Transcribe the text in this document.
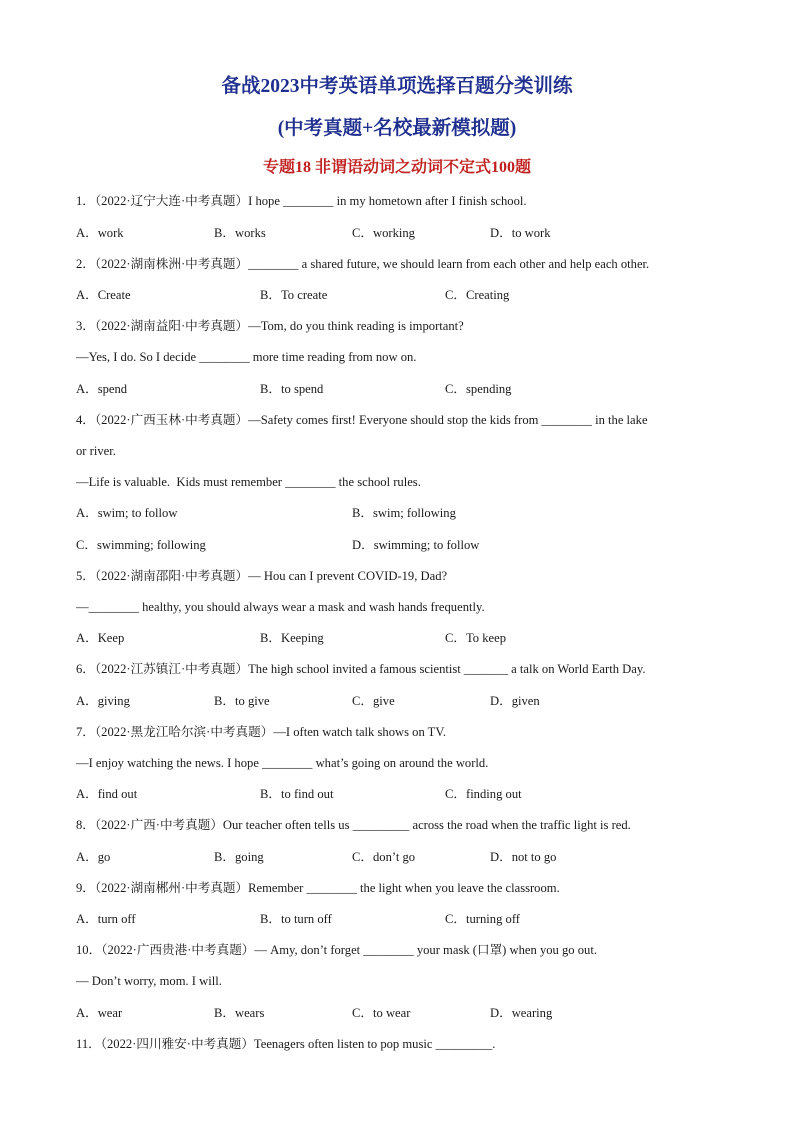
备战2023中考英语单项选择百题分类训练
(中考真题+名校最新模拟题)
专题18 非谓语动词之动词不定式100题
1．（2022·辽宁大连·中考真题）I hope ________ in my hometown after I finish school.
A．work	B．works	C．working	D．to work
2．（2022·湖南株洲·中考真题）________ a shared future, we should learn from each other and help each other.
A．Create	B．To create	C．Creating
3．（2022·湖南益阳·中考真题）—Tom, do you think reading is important?
—Yes, I do. So I decide ________ more time reading from now on.
A．spend	B．to spend	C．spending
4．（2022·广西玉林·中考真题）—Safety comes first! Everyone should stop the kids from ________ in the lake
or river.
—Life is valuable.  Kids must remember ________ the school rules.
A．swim; to follow	B．swim; following
C．swimming; following	D．swimming; to follow
5．（2022·湖南邵阳·中考真题）— Hou can I prevent COVID-19, Dad?
—________ healthy, you should always wear a mask and wash hands frequently.
A．Keep	B．Keeping	C．To keep
6．（2022·江苏镇江·中考真题）The high school invited a famous scientist _______ a talk on World Earth Day.
A．giving	B．to give	C．give	D．given
7．（2022·黑龙江哈尔滨·中考真题）—I often watch talk shows on TV.
—I enjoy watching the news. I hope ________ what’s going on around the world.
A．find out	B．to find out	C．finding out
8．（2022·广西·中考真题）Our teacher often tells us _________ across the road when the traffic light is red.
A．go	B．going	C．don’t go	D．not to go
9．（2022·湖南郴州·中考真题）Remember ________ the light when you leave the classroom.
A．turn off	B．to turn off	C．turning off
10．（2022·广西贵港·中考真题）— Amy, don’t forget ________ your mask (口罩) when you go out.
— Don’t worry, mom. I will.
A．wear	B．wears	C．to wear	D．wearing
11．（2022·四川雅安·中考真题）Teenagers often listen to pop music _________.
